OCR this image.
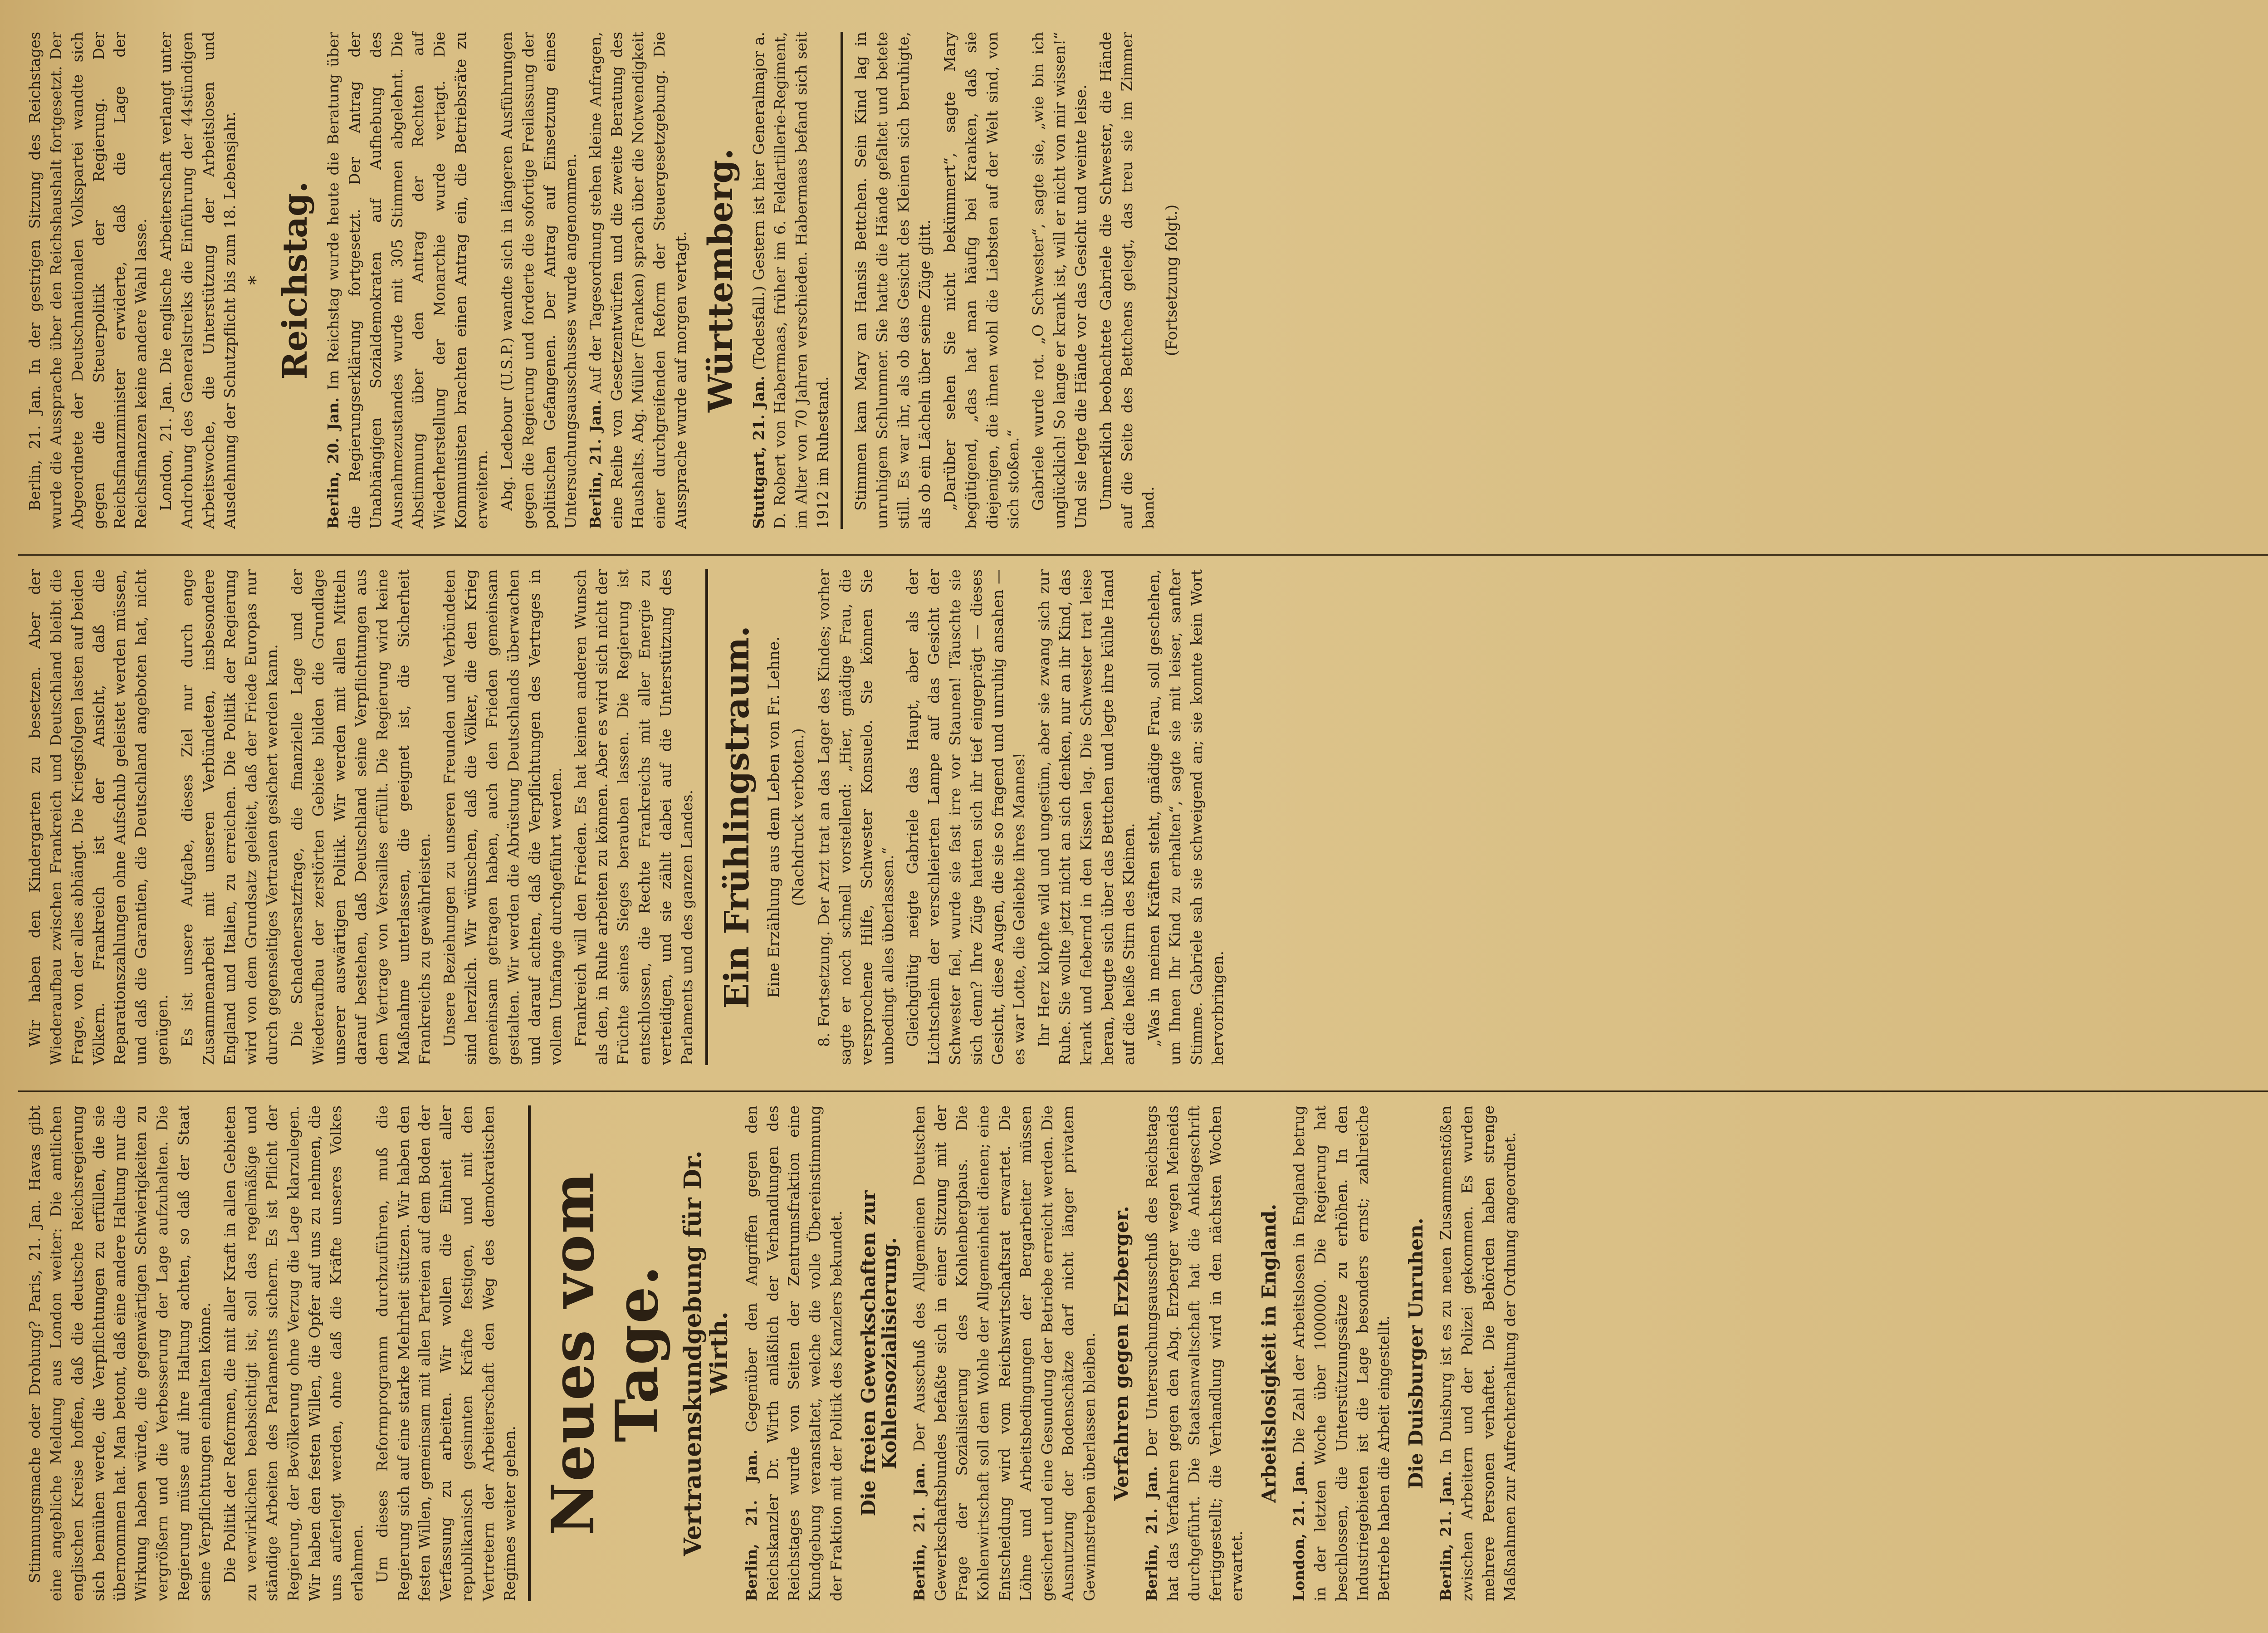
Stimmungsmache oder Drohung? Paris, 21. Jan. Havas gibt eine angebliche Meldung aus London weiter: Die amtlichen englischen Kreise hoffen, daß die deutsche Reichsregierung sich bemühen werde, die Verpflichtungen zu erfüllen, die sie übernommen hat. Man betont, daß eine andere Haltung nur die Wirkung haben würde, die gegenwärtigen Schwierigkeiten zu vergrößern und die Verbesserung der Lage aufzuhalten. Die Regierung müsse auf ihre Haltung achten, so daß der Staat seine Verpflichtungen einhalten könne. Die Politik der Reformen, die mit aller Kraft in allen Gebieten zu verwirklichen beabsichtigt ist, soll das regelmäßige und ständige Arbeiten des Parlaments sichern. Es ist Pflicht der Regierung, der Bevölkerung ohne Verzug die Lage klarzulegen. Wir haben den festen Willen, die Opfer auf uns zu nehmen, die uns auferlegt werden, ohne daß die Kräfte unseres Volkes erlahmen. Um dieses Reformprogramm durchzuführen, muß die Regierung sich auf eine starke Mehrheit stützen. Wir haben den festen Willen, gemeinsam mit allen Parteien auf dem Boden der Verfassung zu arbeiten. Wir wollen die Einheit aller republikanisch gesinnten Kräfte festigen, und mit den Vertretern der Arbeiterschaft den Weg des demokratischen Regimes weiter gehen. Neues vom Tage. Vertrauenskundgebung für Dr. Wirth.

Berlin, 21. Jan. Gegenüber den Angriffen gegen den Reichskanzler Dr. Wirth anläßlich der Verhandlungen des Reichstages wurde von Seiten der Zentrumsfraktion eine Kundgebung veranstaltet, welche die volle Übereinstimmung der Fraktion mit der Politik des Kanzlers bekundet. Die freien Gewerkschaften zur Kohlensozialisierung.

Berlin, 21. Jan. Der Ausschuß des Allgemeinen Deutschen Gewerkschaftsbundes befaßte sich in einer Sitzung mit der Frage der Sozialisierung des Kohlenbergbaus. Die Kohlenwirtschaft soll dem Wohle der Allgemeinheit dienen; eine Entscheidung wird vom Reichswirtschaftsrat erwartet. Die Löhne und Arbeitsbedingungen der Bergarbeiter müssen gesichert und eine Gesundung der Betriebe erreicht werden. Die Ausnutzung der Bodenschätze darf nicht länger privatem Gewinnstreben überlassen bleiben. Verfahren gegen Erzberger.

Berlin, 21. Jan. Der Untersuchungsausschuß des Reichstags hat das Verfahren gegen den Abg. Erzberger wegen Meineids durchgeführt. Die Staatsanwaltschaft hat die Anklageschrift fertiggestellt; die Verhandlung wird in den nächsten Wochen erwartet.

Arbeitslosigkeit in England.

London, 21. Jan. Die Zahl der Arbeitslosen in England betrug in der letzten Woche über 1000000. Die Regierung hat beschlossen, die Unterstützungssätze zu erhöhen. In den Industriegebieten ist die Lage besonders ernst; zahlreiche Betriebe haben die Arbeit eingestellt. Die Duisburger Unruhen.

Berlin, 21. Jan. In Duisburg ist es zu neuen Zusammenstößen zwischen Arbeitern und der Polizei gekommen. Es wurden mehrere Personen verhaftet. Die Behörden haben strenge Maßnahmen zur Aufrechterhaltung der Ordnung angeordnet.

Wir haben den Kindergarten zu besetzen. Aber der Wiederaufbau zwischen Frankreich und Deutschland bleibt die Frage, von der alles abhängt. Die Kriegsfolgen lasten auf beiden Völkern. Frankreich ist der Ansicht, daß die Reparationszahlungen ohne Aufschub geleistet werden müssen, und daß die Garantien, die Deutschland angeboten hat, nicht genügen. Es ist unsere Aufgabe, dieses Ziel nur durch enge Zusammenarbeit mit unseren Verbündeten, insbesondere England und Italien, zu erreichen. Die Politik der Regierung wird von dem Grundsatz geleitet, daß der Friede Europas nur durch gegenseitiges Vertrauen gesichert werden kann. Die Schadenersatzfrage, die finanzielle Lage und der Wiederaufbau der zerstörten Gebiete bilden die Grundlage unserer auswärtigen Politik. Wir werden mit allen Mitteln darauf bestehen, daß Deutschland seine Verpflichtungen aus dem Vertrage von Versailles erfüllt. Die Regierung wird keine Maßnahme unterlassen, die geeignet ist, die Sicherheit Frankreichs zu gewährleisten. Unsere Beziehungen zu unseren Freunden und Verbündeten sind herzlich. Wir wünschen, daß die Völker, die den Krieg gemeinsam getragen haben, auch den Frieden gemeinsam gestalten. Wir werden die Abrüstung Deutschlands überwachen und darauf achten, daß die Verpflichtungen des Vertrages in vollem Umfange durchgeführt werden. Frankreich will den Frieden. Es hat keinen anderen Wunsch als den, in Ruhe arbeiten zu können. Aber es wird sich nicht der Früchte seines Sieges berauben lassen. Die Regierung ist entschlossen, die Rechte Frankreichs mit aller Energie zu verteidigen, und sie zählt dabei auf die Unterstützung des Parlaments und des ganzen Landes. Ein Frühlingstraum. Eine Erzählung aus dem Leben von Fr. Lehne. (Nachdruck verboten.) 8. Fortsetzung. Der Arzt trat an das Lager des Kindes; vorher sagte er noch schnell vorstellend: „Hier, gnädige Frau, die versprochene Hilfe, Schwester Konsuelo. Sie können Sie unbedingt alles überlassen.“ Gleichgültig neigte Gabriele das Haupt, aber als der Lichtschein der verschleierten Lampe auf das Gesicht der Schwester fiel, wurde sie fast irre vor Staunen! Täuschte sie sich denn? Ihre Züge hatten sich ihr tief eingeprägt — dieses Gesicht, diese Augen, die sie so fragend und unruhig ansahen — es war Lotte, die Geliebte ihres Mannes! Ihr Herz klopfte wild und ungestüm, aber sie zwang sich zur Ruhe. Sie wollte jetzt nicht an sich denken, nur an ihr Kind, das krank und fiebernd in den Kissen lag. Die Schwester trat leise heran, beugte sich über das Bettchen und legte ihre kühle Hand auf die heiße Stirn des Kleinen. „Was in meinen Kräften steht, gnädige Frau, soll geschehen, um Ihnen Ihr Kind zu erhalten“, sagte sie mit leiser, sanfter Stimme. Gabriele sah sie schweigend an; sie konnte kein Wort hervorbringen.

Berlin, 21. Jan. In der gestrigen Sitzung des Reichstages wurde die Aussprache über den Reichshaushalt fortgesetzt. Der Abgeordnete der Deutschnationalen Volkspartei wandte sich gegen die Steuerpolitik der Regierung. Der Reichsfinanzminister erwiderte, daß die Lage der Reichsfinanzen keine andere Wahl lasse. London, 21. Jan. Die englische Arbeiterschaft verlangt unter Androhung des Generalstreiks die Einführung der 44stündigen Arbeitswoche, die Unterstützung der Arbeitslosen und Ausdehnung der Schutzpflicht bis zum 18. Lebensjahr. * Reichstag.

Berlin, 20. Jan. Im Reichstag wurde heute die Beratung über die Regierungserklärung fortgesetzt. Der Antrag der Unabhängigen Sozialdemokraten auf Aufhebung des Ausnahmezustandes wurde mit 305 Stimmen abgelehnt. Die Abstimmung über den Antrag der Rechten auf Wiederherstellung der Monarchie wurde vertagt. Die Kommunisten brachten einen Antrag ein, die Betriebsräte zu erweitern. Abg. Ledebour (U.S.P.) wandte sich in längeren Ausführungen gegen die Regierung und forderte die sofortige Freilassung der politischen Gefangenen. Der Antrag auf Einsetzung eines Untersuchungsausschusses wurde angenommen. Berlin, 21. Jan. Auf der Tagesordnung stehen kleine Anfragen, eine Reihe von Gesetzentwürfen und die zweite Beratung des Haushalts. Abg. Müller (Franken) sprach über die Notwendigkeit einer durchgreifenden Reform der Steuergesetzgebung. Die Aussprache wurde auf morgen vertagt. Württemberg.

Stuttgart, 21. Jan. (Todesfall.) Gestern ist hier Generalmajor a. D. Robert von Habermaas, früher im 6. Feldartillerie-Regiment, im Alter von 70 Jahren verschieden. Habermaas befand sich seit 1912 im Ruhestand. Stimmen kam Mary an Hansis Bettchen. Sein Kind lag in unruhigem Schlummer. Sie hatte die Hände gefaltet und betete still. Es war ihr, als ob das Gesicht des Kleinen sich beruhigte, als ob ein Lächeln über seine Züge glitt. „Darüber sehen Sie nicht bekümmert“, sagte Mary begütigend, „das hat man häufig bei Kranken, daß sie diejenigen, die ihnen wohl die Liebsten auf der Welt sind, von sich stoßen.“ Gabriele wurde rot. „O Schwester“, sagte sie, „wie bin ich unglücklich! So lange er krank ist, will er nicht von mir wissen!“ Und sie legte die Hände vor das Gesicht und weinte leise. Unmerklich beobachtete Gabriele die Schwester, die Hände auf die Seite des Bettchens gelegt, das treu sie im Zimmer band.

(Fortsetzung folgt.)
